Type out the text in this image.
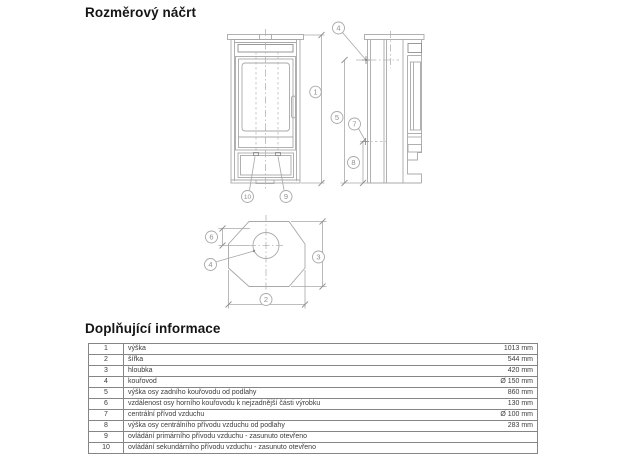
Rozměrový náčrt
1
10	9
4
5
7
8
6
4
3
2
Doplňující informace
1	výška	1013 mm
2	šířka	544 mm
3	hloubka	420 mm
4	kouřovod	Ø 150 mm
5	výška osy zadního kouřovodu od podlahy	860 mm
6	vzdálenost osy horního kouřovodu k nejzadnější části výrobku	130 mm
7	centrální přívod vzduchu	Ø 100 mm
8	výška osy centrálního přívodu vzduchu od podlahy	283 mm
9	ovládání primárního přívodu vzduchu - zasunuto otevřeno
10	ovládání sekundárního přívodu vzduchu - zasunuto otevřeno
